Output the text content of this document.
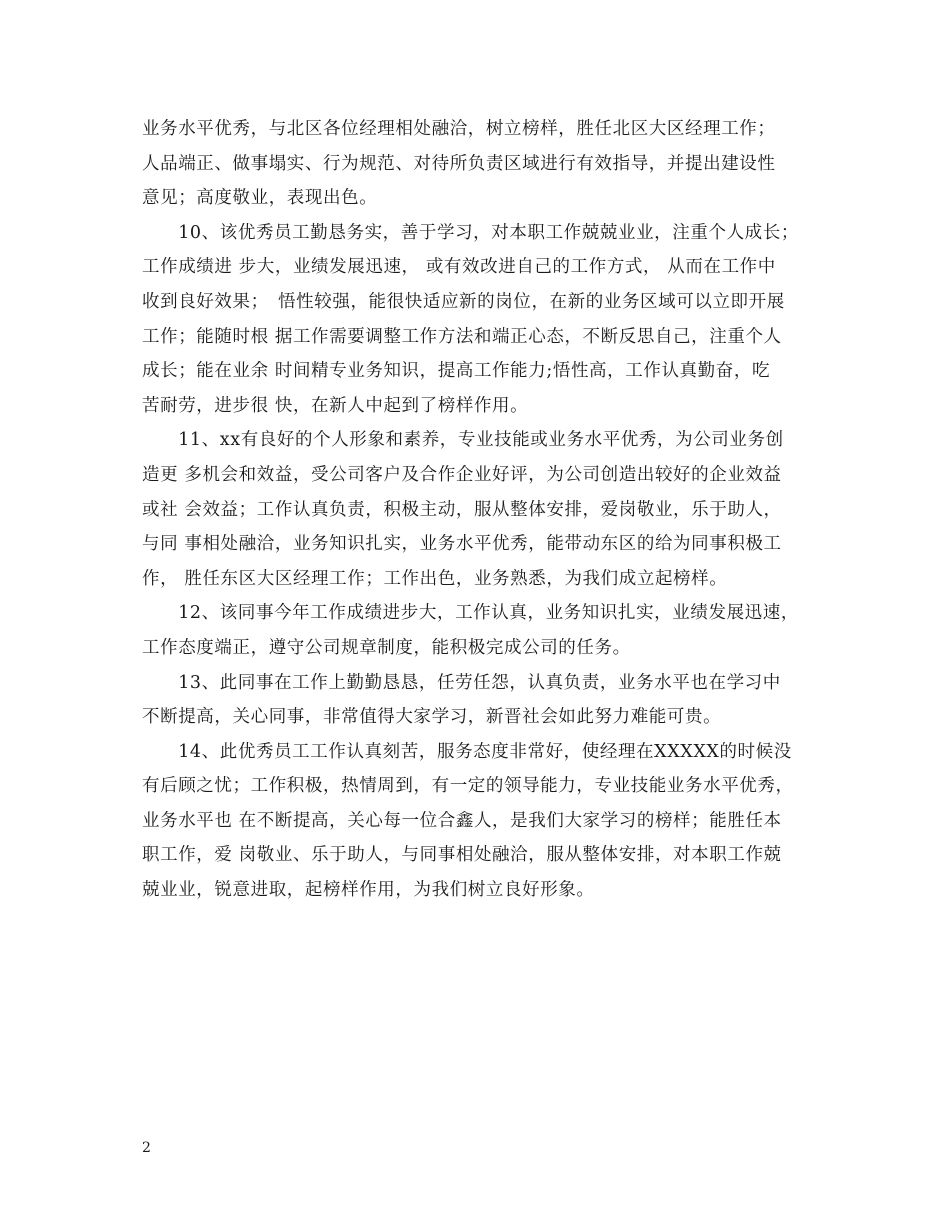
业务水平优秀，与北区各位经理相处融洽，树立榜样，胜任北区大区经理工作；
人品端正、做事塌实、行为规范、对待所负责区域进行有效指导，并提出建设性
意见；高度敬业，表现出色。

　　10、该优秀员工勤恳务实，善于学习，对本职工作兢兢业业，注重个人成长；
工作成绩进 步大，业绩发展迅速， 或有效改进自己的工作方式， 从而在工作中
收到良好效果；　悟性较强，能很快适应新的岗位，在新的业务区域可以立即开展
工作；能随时根 据工作需要调整工作方法和端正心态，不断反思自己，注重个人
成长；能在业余 时间精专业务知识，提高工作能力;悟性高，工作认真勤奋，吃
苦耐劳，进步很 快，在新人中起到了榜样作用。

　　11、xx有良好的个人形象和素养，专业技能或业务水平优秀，为公司业务创
造更 多机会和效益，受公司客户及合作企业好评，为公司创造出较好的企业效益
或社 会效益；工作认真负责，积极主动，服从整体安排，爱岗敬业，乐于助人，
与同 事相处融洽，业务知识扎实，业务水平优秀，能带动东区的给为同事积极工
作， 胜任东区大区经理工作；工作出色，业务熟悉，为我们成立起榜样。

　　12、该同事今年工作成绩进步大，工作认真，业务知识扎实，业绩发展迅速，
工作态度端正，遵守公司规章制度，能积极完成公司的任务。

　　13、此同事在工作上勤勤恳恳，任劳任怨，认真负责，业务水平也在学习中
不断提高，关心同事，非常值得大家学习，新晋社会如此努力难能可贵。

　　14、此优秀员工工作认真刻苦，服务态度非常好，使经理在XXXXX的时候没
有后顾之忧；工作积极，热情周到，有一定的领导能力，专业技能业务水平优秀，
业务水平也 在不断提高，关心每一位合鑫人，是我们大家学习的榜样；能胜任本
职工作，爱 岗敬业、乐于助人，与同事相处融洽，服从整体安排，对本职工作兢
兢业业，锐意进取，起榜样作用，为我们树立良好形象。

2
